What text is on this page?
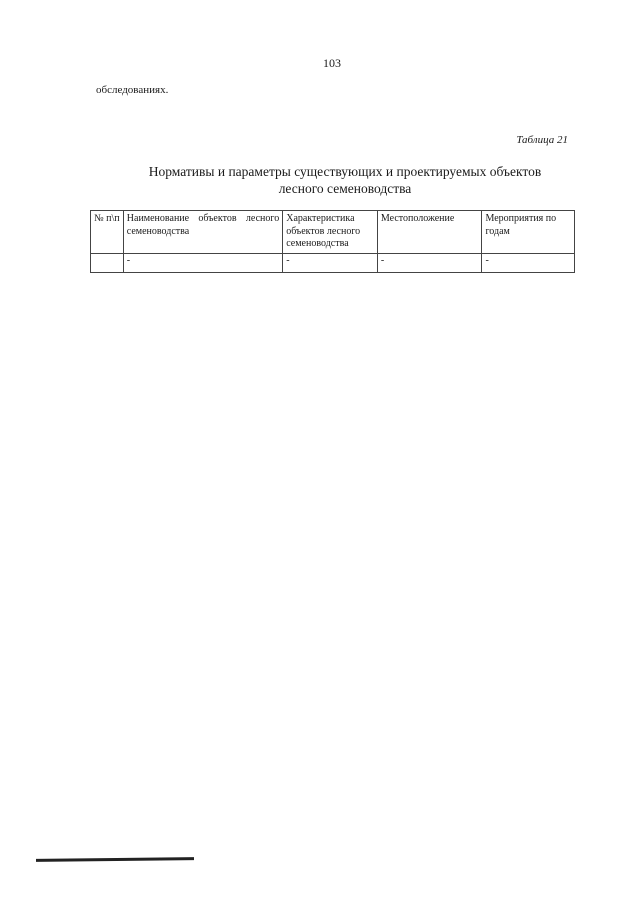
103
обследованиях.
Таблица 21
Нормативы и параметры существующих и проектируемых объектов лесного семеноводства
№ п\п	Наименование объектов лесного семеноводства	Характеристика объектов лесного семеноводства	Местоположение	Мероприятия по годам
	-	-	-	-
